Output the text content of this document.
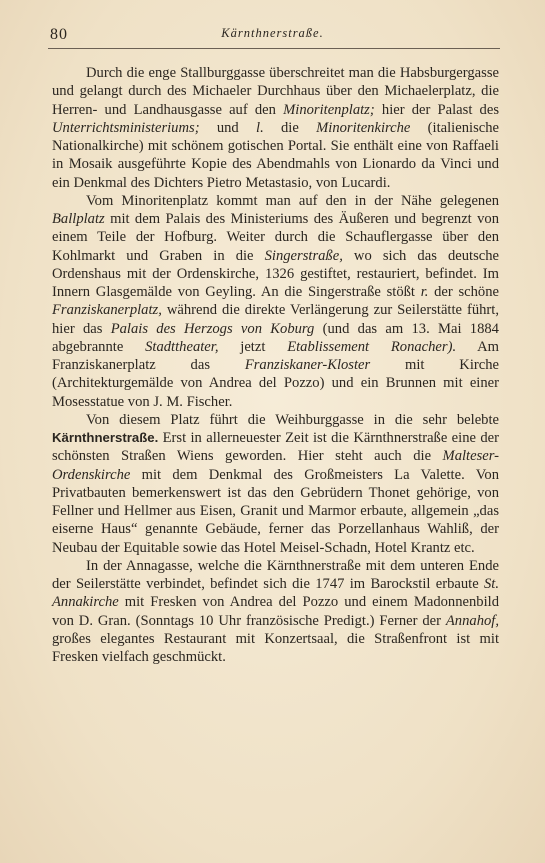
80	Kärnthnerstraße.

Durch die enge Stallburggasse überschreitet man die Habsburgergasse und gelangt durch des Michaeler Durchhaus über den Michaelerplatz, die Herren- und Landhausgasse auf den Minoritenplatz; hier der Palast des Unterrichtsministeriums; und l. die Minoritenkirche (italienische Nationalkirche) mit schönem gotischen Portal. Sie enthält eine von Raffaeli in Mosaik ausgeführte Kopie des Abendmahls von Lionardo da Vinci und ein Denkmal des Dichters Pietro Metastasio, von Lucardi.

Vom Minoritenplatz kommt man auf den in der Nähe gelegenen Ballplatz mit dem Palais des Ministeriums des Äußeren und begrenzt von einem Teile der Hofburg. Weiter durch die Schauflergasse über den Kohlmarkt und Graben in die Singerstraße, wo sich das deutsche Ordenshaus mit der Ordenskirche, 1326 gestiftet, restauriert, befindet. Im Innern Glasgemälde von Geyling. An die Singerstraße stößt r. der schöne Franziskanerplatz, während die direkte Verlängerung zur Seilerstätte führt, hier das Palais des Herzogs von Koburg (und das am 13. Mai 1884 abgebrannte Stadttheater, jetzt Etablissement Ronacher). Am Franziskanerplatz das Franziskaner-Kloster mit Kirche (Architekturgemälde von Andrea del Pozzo) und ein Brunnen mit einer Mosesstatue von J. M. Fischer.

Von diesem Platz führt die Weihburggasse in die sehr belebte Kärnthnerstraße. Erst in allerneuester Zeit ist die Kärnthnerstraße eine der schönsten Straßen Wiens geworden. Hier steht auch die Malteser-Ordenskirche mit dem Denkmal des Großmeisters La Valette. Von Privatbauten bemerkenswert ist das den Gebrüdern Thonet gehörige, von Fellner und Hellmer aus Eisen, Granit und Marmor erbaute, allgemein „das eiserne Haus“ genannte Gebäude, ferner das Porzellanhaus Wahliß, der Neubau der Equitable sowie das Hotel Meisel-Schadn, Hotel Krantz etc.

In der Annagasse, welche die Kärnthnerstraße mit dem unteren Ende der Seilerstätte verbindet, befindet sich die 1747 im Barockstil erbaute St. Annakirche mit Fresken von Andrea del Pozzo und einem Madonnenbild von D. Gran. (Sonntags 10 Uhr französische Predigt.) Ferner der Annahof, großes elegantes Restaurant mit Konzertsaal, die Straßenfront ist mit Fresken vielfach geschmückt.
